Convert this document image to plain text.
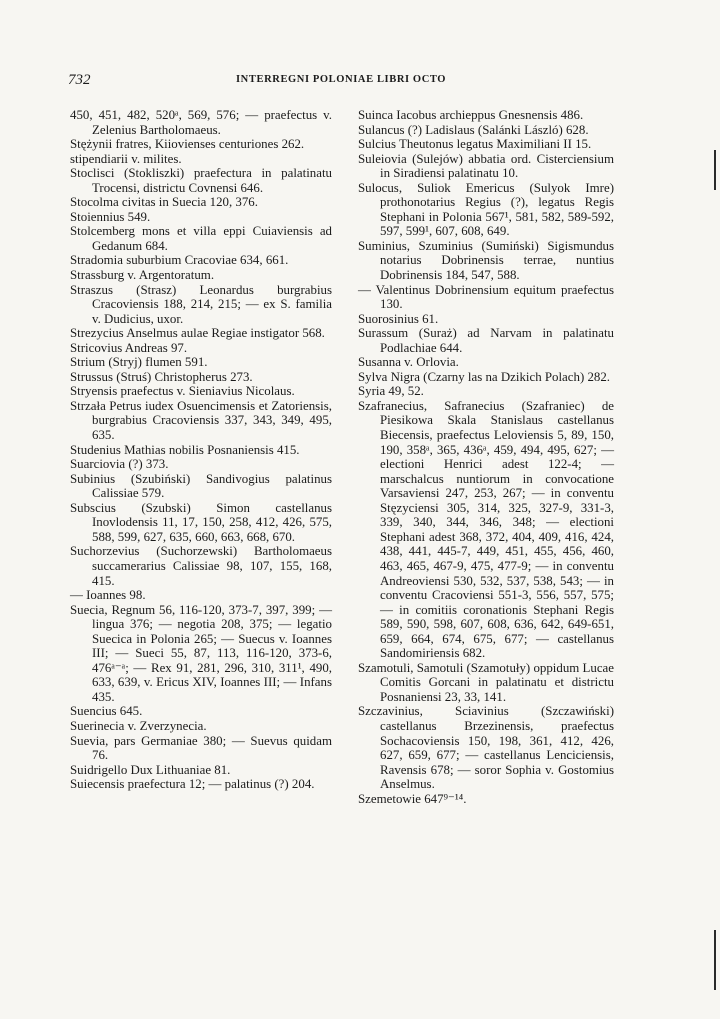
732	INTERREGNI POLONIAE LIBRI OCTO

450, 451, 482, 520ᵃ, 569, 576; — praefectus v. Zelenius Bartholomaeus.

Stężynii fratres, Kiiovienses centuriones 262.

stipendiarii v. milites.

Stoclisci (Stokliszki) praefectura in palatinatu Trocensi, districtu Covnensi 646.

Stocolma civitas in Suecia 120, 376.

Stoiennius 549.

Stolcemberg mons et villa eppi Cuiaviensis ad Gedanum 684.

Stradomia suburbium Cracoviae 634, 661.

Strassburg v. Argentoratum.

Straszus (Strasz) Leonardus burgrabius Cracoviensis 188, 214, 215; — ex S. familia v. Dudicius, uxor.

Strezycius Anselmus aulae Regiae instigator 568.

Stricovius Andreas 97.

Strium (Stryj) flumen 591.

Strussus (Struś) Christopherus 273.

Stryensis praefectus v. Sieniavius Nicolaus.

Strzała Petrus iudex Osuencimensis et Zatoriensis, burgrabius Cracoviensis 337, 343, 349, 495, 635.

Studenius Mathias nobilis Posnaniensis 415.

Suarciovia (?) 373.

Subinius (Szubiński) Sandivogius palatinus Calissiae 579.

Subscius (Szubski) Simon castellanus Inovlodensis 11, 17, 150, 258, 412, 426, 575, 588, 599, 627, 635, 660, 663, 668, 670.

Suchorzevius (Suchorzewski) Bartholomaeus succamerarius Calissiae 98, 107, 155, 168, 415.

— Ioannes 98.

Suecia, Regnum 56, 116-120, 373-7, 397, 399; — lingua 376; — negotia 208, 375; — legatio Suecica in Polonia 265; — Suecus v. Ioannes III; — Sueci 55, 87, 113, 116-120, 373-6, 476ᵃ⁻ᵃ; — Rex 91, 281, 296, 310, 311¹, 490, 633, 639, v. Ericus XIV, Ioannes III; — Infans 435.

Suencius 645.

Suerinecia v. Zverzynecia.

Suevia, pars Germaniae 380; — Suevus quidam 76.

Suidrigello Dux Lithuaniae 81.

Suiecensis praefectura 12; — palatinus (?) 204.

Suinca Iacobus archieppus Gnesnensis 486.

Sulancus (?) Ladislaus (Salánki László) 628.

Sulcius Theutonus legatus Maximiliani II 15.

Suleiovia (Sulejów) abbatia ord. Cisterciensium in Siradiensi palatinatu 10.

Sulocus, Suliok Emericus (Sulyok Imre) prothonotarius Regius (?), legatus Regis Stephani in Polonia 567¹, 581, 582, 589-592, 597, 599¹, 607, 608, 649.

Suminius, Szuminius (Sumiński) Sigismundus notarius Dobrinensis terrae, nuntius Dobrinensis 184, 547, 588.

— Valentinus Dobrinensium equitum praefectus 130.

Suorosinius 61.

Surassum (Suraż) ad Narvam in palatinatu Podlachiae 644.

Susanna v. Orlovia.

Sylva Nigra (Czarny las na Dzikich Polach) 282.

Syria 49, 52.

Szafranecius, Safranecius (Szafraniec) de Piesikowa Skala Stanislaus castellanus Biecensis, praefectus Leloviensis 5, 89, 150, 190, 358ᵃ, 365, 436ᵃ, 459, 494, 495, 627; — electioni Henrici adest 122-4; — marschalcus nuntiorum in convocatione Varsaviensi 247, 253, 267; — in conventu Stęzyciensi 305, 314, 325, 327-9, 331-3, 339, 340, 344, 346, 348; — electioni Stephani adest 368, 372, 404, 409, 416, 424, 438, 441, 445-7, 449, 451, 455, 456, 460, 463, 465, 467-9, 475, 477-9; — in conventu Andreoviensi 530, 532, 537, 538, 543; — in conventu Cracoviensi 551-3, 556, 557, 575; — in comitiis coronationis Stephani Regis 589, 590, 598, 607, 608, 636, 642, 649-651, 659, 664, 674, 675, 677; — castellanus Sandomiriensis 682.

Szamotuli, Samotuli (Szamotuły) oppidum Lucae Comitis Gorcani in palatinatu et districtu Posnaniensi 23, 33, 141.

Szczavinius, Sciavinius (Szczawiński) castellanus Brzezinensis, praefectus Sochacoviensis 150, 198, 361, 412, 426, 627, 659, 677; — castellanus Lenciciensis, Ravensis 678; — soror Sophia v. Gostomius Anselmus.

Szemetowie 647⁹⁻¹⁴.
